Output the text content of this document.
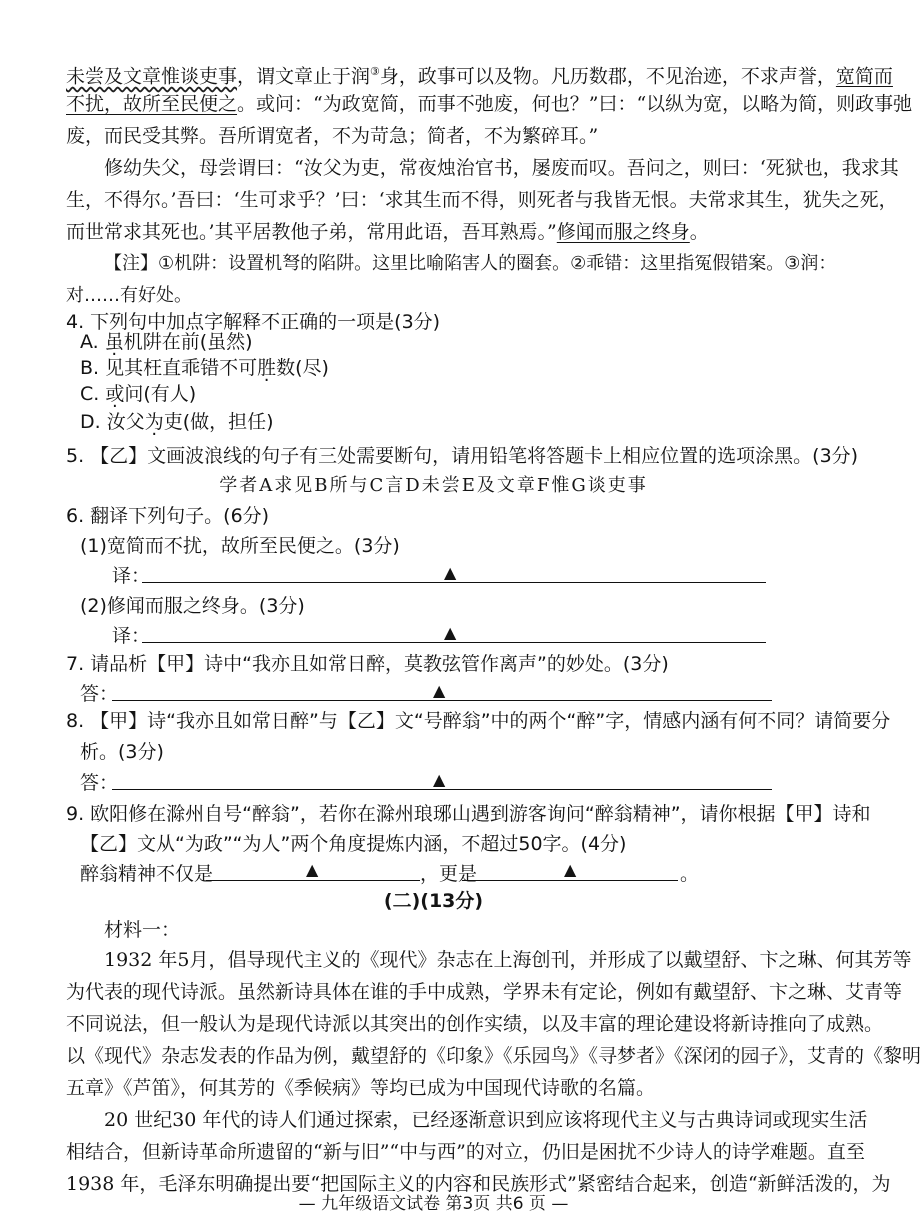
未尝及文章惟谈吏事，谓文章止于润③身，政事可以及物。凡历数郡，不见治迹，不求声誉，宽简而
不扰，故所至民便之。或问：“为政宽简，而事不弛废，何也？”曰：“以纵为宽，以略为简，则政事弛
废，而民受其弊。吾所谓宽者，不为苛急；简者，不为繁碎耳。”
修幼失父，母尝谓曰：“汝父为吏，常夜烛治官书，屡废而叹。吾问之，则曰：‘死狱也，我求其
生，不得尔。’吾曰：‘生可求乎？’曰：‘求其生而不得，则死者与我皆无恨。夫常求其生，犹失之死，
而世常求其死也。’其平居教他子弟，常用此语，吾耳熟焉。”修闻而服之终身。
【注】①机阱：设置机弩的陷阱。这里比喻陷害人的圈套。②乖错：这里指冤假错案。③润：
对……有好处。
4. 下列句中加点字解释不正确的一项是(3分)
A. 虽机阱在前(虽然)
B. 见其枉直乖错不可胜数(尽)
C. 或问(有人)
D. 汝父为吏(做，担任)
5. 【乙】文画波浪线的句子有三处需要断句，请用铅笔将答题卡上相应位置的选项涂黑。(3分)
学者A求见B所与C言D未尝E及文章F惟G谈吏事
6. 翻译下列句子。(6分)
(1)宽简而不扰，故所至民便之。(3分)
译：	▲
(2)修闻而服之终身。(3分)
译：	▲
7. 请品析【甲】诗中“我亦且如常日醉，莫教弦管作离声”的妙处。(3分)
答：	▲
8. 【甲】诗“我亦且如常日醉”与【乙】文“号醉翁”中的两个“醉”字，情感内涵有何不同？请简要分
析。(3分)
答：	▲
9. 欧阳修在滁州自号“醉翁”，若你在滁州琅琊山遇到游客询问“醉翁精神”，请你根据【甲】诗和
【乙】文从“为政”“为人”两个角度提炼内涵，不超过50字。(4分)
醉翁精神不仅是	▲	，更是	▲	。
(二)(13分)
材料一：
1932 年5月，倡导现代主义的《现代》杂志在上海创刊，并形成了以戴望舒、卞之琳、何其芳等
为代表的现代诗派。虽然新诗具体在谁的手中成熟，学界未有定论，例如有戴望舒、卞之琳、艾青等
不同说法，但一般认为是现代诗派以其突出的创作实绩，以及丰富的理论建设将新诗推向了成熟。
以《现代》杂志发表的作品为例，戴望舒的《印象》《乐园鸟》《寻梦者》《深闭的园子》，艾青的《黎明
五章》《芦笛》，何其芳的《季候病》等均已成为中国现代诗歌的名篇。
20 世纪30 年代的诗人们通过探索，已经逐渐意识到应该将现代主义与古典诗词或现实生活
相结合，但新诗革命所遗留的“新与旧”“中与西”的对立，仍旧是困扰不少诗人的诗学难题。直至
1938 年，毛泽东明确提出要“把国际主义的内容和民族形式”紧密结合起来，创造“新鲜活泼的，为
— 九年级语文试卷 第3页 共6 页 —
